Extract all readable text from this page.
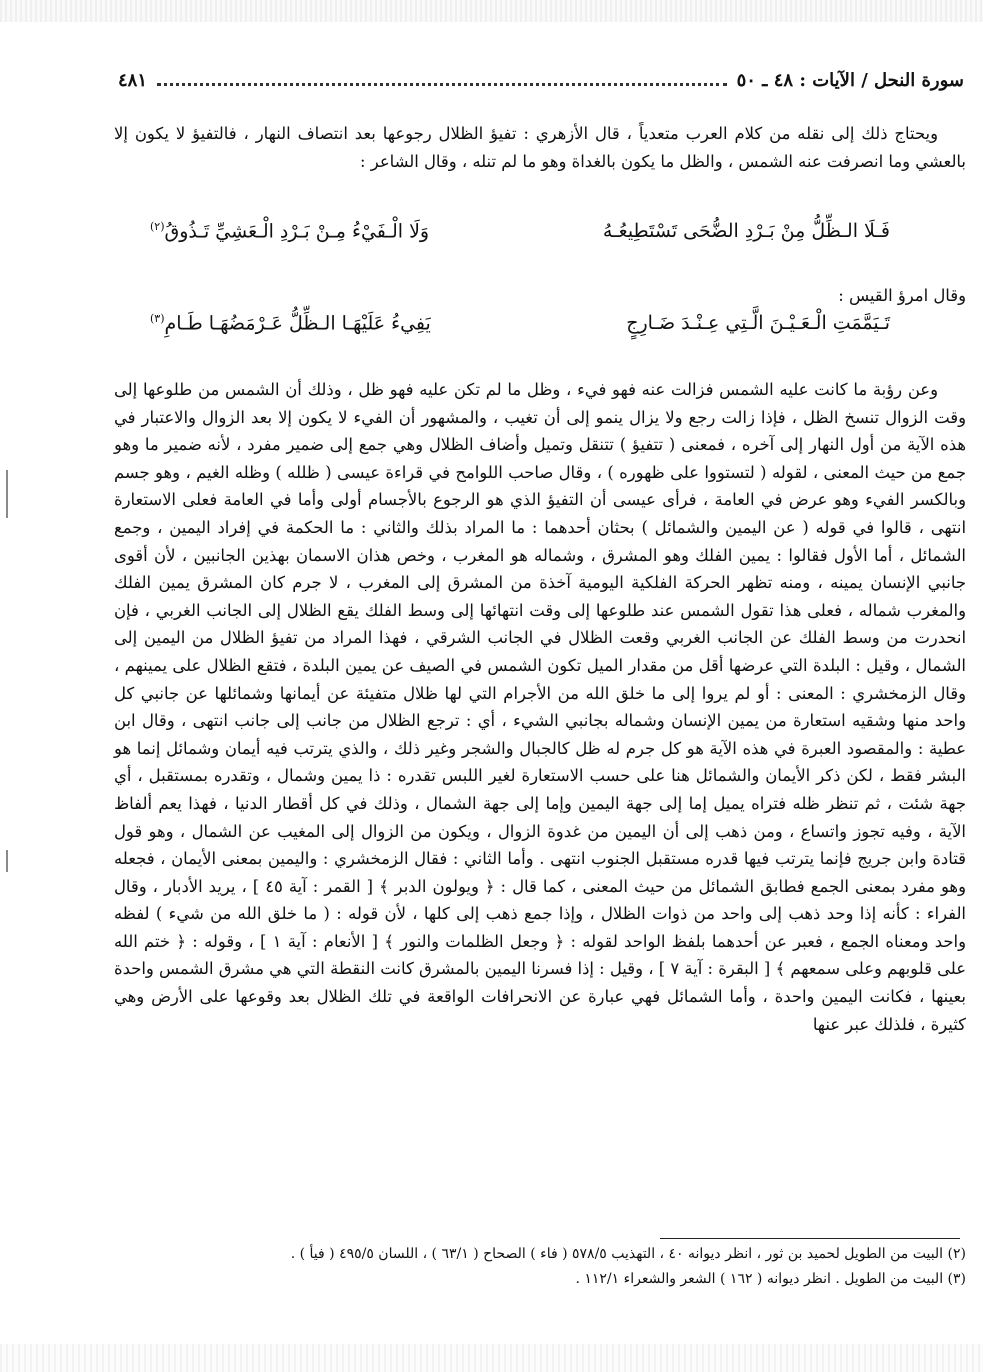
سورة النحل / الآيات : ٤٨ ـ ٥٠
٤٨١

ويحتاج ذلك إلى نقله من كلام العرب متعدياً ، قال الأزهري : تفيؤ الظلال رجوعها بعد انتصاف النهار ، فالتفيؤ لا يكون إلا بالعشي وما انصرفت عنه الشمس ، والظل ما يكون بالغداة وهو ما لم تنله ، وقال الشاعر :

فَـلَا الـظِّلُّ مِنْ بَـرْدِ الضُّحَى تَسْتَطِيعُـهُ
وَلَا الْـفَيْءُ مِـنْ بَـرْدِ الْـعَشِيِّ تَـذُوقُ$^{(٢)}$
وقال امرؤ القيس :
تَـيَمَّمَتِ الْـعَـيْـنَ الَّـتِي عِـنْـدَ ضَـارِجٍ
يَفِيءُ عَلَيْهَـا الـظِّلُّ عَـرْمَضُهَـا طَـامِ$^{(٣)}$

وعن رؤبة ما كانت عليه الشمس فزالت عنه فهو فيء ، وظل ما لم تكن عليه فهو ظل ، وذلك أن الشمس من طلوعها إلى وقت الزوال تنسخ الظل ، فإذا زالت رجع ولا يزال ينمو إلى أن تغيب ، والمشهور أن الفيء لا يكون إلا بعد الزوال والاعتبار في هذه الآية من أول النهار إلى آخره ، فمعنى ( تتفيؤ ) تتنقل وتميل وأضاف الظلال وهي جمع إلى ضمير مفرد ، لأنه ضمير ما وهو جمع من حيث المعنى ، لقوله ( لتستووا على ظهوره ) ، وقال صاحب اللوامح في قراءة عيسى ( ظلله ) وظله الغيم ، وهو جسم وبالكسر الفيء وهو عرض في العامة ، فرأى عيسى أن التفيؤ الذي هو الرجوع بالأجسام أولى وأما في العامة فعلى الاستعارة انتهى ، قالوا في قوله ( عن اليمين والشمائل ) بحثان أحدهما : ما المراد بذلك والثاني : ما الحكمة في إفراد اليمين ، وجمع الشمائل ، أما الأول فقالوا : يمين الفلك وهو المشرق ، وشماله هو المغرب ، وخص هذان الاسمان بهذين الجانبين ، لأن أقوى جانبي الإنسان يمينه ، ومنه تظهر الحركة الفلكية اليومية آخذة من المشرق إلى المغرب ، لا جرم كان المشرق يمين الفلك والمغرب شماله ، فعلى هذا تقول الشمس عند طلوعها إلى وقت انتهائها إلى وسط الفلك يقع الظلال إلى الجانب الغربي ، فإن انحدرت من وسط الفلك عن الجانب الغربي وقعت الظلال في الجانب الشرقي ، فهذا المراد من تفيؤ الظلال من اليمين إلى الشمال ، وقيل : البلدة التي عرضها أقل من مقدار الميل تكون الشمس في الصيف عن يمين البلدة ، فتقع الظلال على يمينهم ، وقال الزمخشري : المعنى : أو لم يروا إلى ما خلق الله من الأجرام التي لها ظلال متفيئة عن أيمانها وشمائلها عن جانبي كل واحد منها وشقيه استعارة من يمين الإنسان وشماله بجانبي الشيء ، أي : ترجع الظلال من جانب إلى جانب انتهى ، وقال ابن عطية : والمقصود العبرة في هذه الآية هو كل جرم له ظل كالجبال والشجر وغير ذلك ، والذي يترتب فيه أيمان وشمائل إنما هو البشر فقط ، لكن ذكر الأيمان والشمائل هنا على حسب الاستعارة لغير اللبس تقدره : ذا يمين وشمال ، وتقدره بمستقبل ، أي جهة شئت ، ثم تنظر ظله فتراه يميل إما إلى جهة اليمين وإما إلى جهة الشمال ، وذلك في كل أقطار الدنيا ، فهذا يعم ألفاظ الآية ، وفيه تجوز واتساع ، ومن ذهب إلى أن اليمين من غدوة الزوال ، ويكون من الزوال إلى المغيب عن الشمال ، وهو قول قتادة وابن جريج فإنما يترتب فيها قدره مستقبل الجنوب انتهى . وأما الثاني : فقال الزمخشري : واليمين بمعنى الأيمان ، فجعله وهو مفرد بمعنى الجمع فطابق الشمائل من حيث المعنى ، كما قال : ﴿ ويولون الدبر ﴾ [ القمر : آية ٤٥ ] ، يريد الأدبار ، وقال الفراء : كأنه إذا وحد ذهب إلى واحد من ذوات الظلال ، وإذا جمع ذهب إلى كلها ، لأن قوله : ( ما خلق الله من شيء ) لفظه واحد ومعناه الجمع ، فعبر عن أحدهما بلفظ الواحد لقوله : ﴿ وجعل الظلمات والنور ﴾ [ الأنعام : آية ١ ] ، وقوله : ﴿ ختم الله على قلوبهم وعلى سمعهم ﴾ [ البقرة : آية ٧ ] ، وقيل : إذا فسرنا اليمين بالمشرق كانت النقطة التي هي مشرق الشمس واحدة بعينها ، فكانت اليمين واحدة ، وأما الشمائل فهي عبارة عن الانحرافات الواقعة في تلك الظلال بعد وقوعها على الأرض وهي كثيرة ، فلذلك عبر عنها

(٢) البيت من الطويل لحميد بن ثور ، انظر ديوانه ٤٠ ، التهذيب ٥٧٨/٥ ( فاء ) الصحاح ( ٦٣/١ ) ، اللسان ٤٩٥/٥ ( فيأ ) .
(٣) البيت من الطويل . انظر ديوانه ( ١٦٢ ) الشعر والشعراء ١١٢/١ .
